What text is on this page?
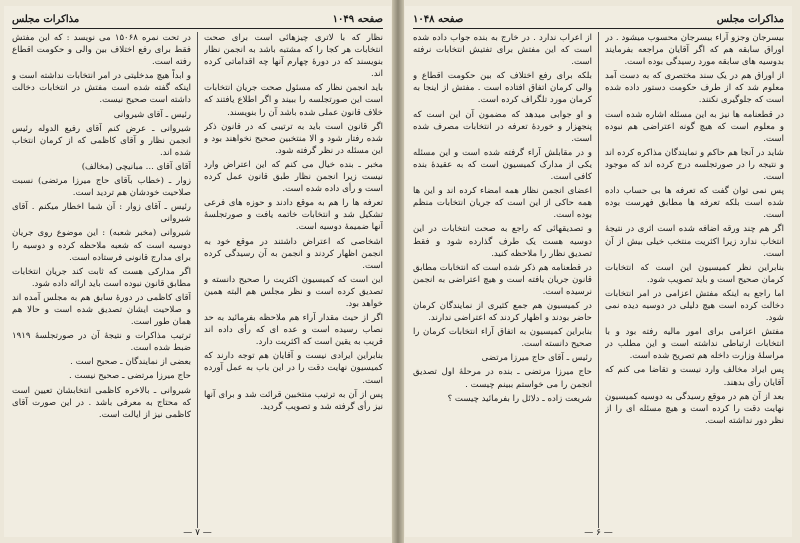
صفحه ۱۰۴۹
مذاکرات مجلس

نظار که با لاتری چیزهائی است برای صحت انتخابات هر کجا را که مشتبه باشد به انجمن نظار بنویسند که در دورهٔ چهارم آنها چه اقداماتی کرده اند.

باید انجمن نظار که مسئول صحت جریان انتخابات است این صورتجلسه را ببیند و اگر اطلاع یافتند که خلاف قانون عملی شده باشد آن را بنویسند.

اگر قانون است باید به ترتیبی که در قانون ذکر شده رفتار شود و الا منتخبین صحیح نخواهند بود و این مسئله در نظر گرفته شود.

مخبر ـ بنده خیال می کنم که این اعتراض وارد نیست زیرا انجمن نظار طبق قانون عمل کرده است و رأی داده شده است.

تعرفه ها را هم به موقع دادند و حوزه های فرعی تشکیل شد و انتخابات خاتمه یافت و صورتجلسهٔ آنها ضمیمهٔ دوسیه است.

اشخاصی که اعتراض داشتند در موقع خود به انجمن اظهار کردند و انجمن به آن رسیدگی کرده است.

این است که کمیسیون اکثریت را صحیح دانسته و تصدیق کرده است و نظر مجلس هم البته همین خواهد بود.

اگر از حیث مقدار آراء هم ملاحظه بفرمائید به حد نصاب رسیده است و عده ای که رأی داده اند قریب به یقین است که اکثریت دارد.

بنابراین ایرادی نیست و آقایان هم توجه دارند که کمیسیون نهایت دقت را در این باب به عمل آورده است.

پس از آن به ترتیب منتخبین قرائت شد و برای آنها نیز رأی گرفته شد و تصویب گردید.

در تحت نمره ۱۵۰۶۸ می نویسد : که این مفتش فقط برای رفع اختلاف بین والی و حکومت اقطاع رفته است.

و ابداً هیچ مدخلیتی در امر انتخابات نداشته است و اینکه گفته شده است مفتش در انتخابات دخالت داشته است صحیح نیست.

رئیس ـ آقای شیروانی

شیروانی ـ عرض کنم آقای رفیع الدوله رئیس انجمن نظار و آقای کاظمی که از کرمان انتخاب شده اند.

آقای آقای ... مبانیچی (مخالف)

زوار ـ (خطاب بآقای حاج میرزا مرتضی) نسبت صلاحیت خودشان هم تردید است.

رئیس ـ آقای زوار : آن شما اخطار میکنم . آقای شیروانی

شیروانی (مخبر شعبه) : این موضوع روی جریان دوسیه است که شعبه ملاحظه کرده و دوسیه را برای مدارج قانونی فرستاده است.

اگر مدارکی هست که ثابت کند جریان انتخابات مطابق قانون نبوده است باید ارائه داده شود.

آقای کاظمی در دورهٔ سابق هم به مجلس آمده اند و صلاحیت ایشان تصدیق شده است و حالا هم همان طور است.

ترتیب مذاکرات و نتیجهٔ آن در صورتجلسهٔ ۱۹۱۹ ضبط شده است.

بعضی از نمایندگان ـ صحیح است .

حاج میرزا مرتضی ـ صحیح نیست .

شیروانی ـ بالاخره کاظمی انتخابشان تعیین است که محتاج به معرفی باشد . در این صورت آقای کاظمی نیز از ایالت است.

— ۷ —
مذاکرات مجلس
صفحه ۱۰۴۸

بیسرجان وجزو آراء بیسرجان محسوب میشود . در اوراق سابقه هم که اگر آقایان مراجعه بفرمایند بدوسیه های سابقه مورد رسیدگی بوده است.

از اوراق هم در یک سند مختصری که به دست آمد معلوم شد که از طرف حکومت دستور داده شده است که جلوگیری نکنند.

در قطعنامه ها نیز به این مسئله اشاره شده است و معلوم است که هیچ گونه اعتراضی هم نبوده است.

شاید در آنجا هم حاکم و نمایندگان مذاکره کرده اند و نتیجه را در صورتجلسه درج کرده اند که موجود است.

پس نمی توان گفت که تعرفه ها بی حساب داده شده است بلکه تعرفه ها مطابق فهرست بوده است.

اگر هم چند ورقه اضافه شده است اثری در نتیجهٔ انتخاب ندارد زیرا اکثریت منتخب خیلی بیش از آن است.

بنابراین نظر کمیسیون این است که انتخابات کرمان صحیح است و باید تصویب شود.

اما راجع به اینکه مفتش اعزامی در امر انتخابات دخالت کرده است هیچ دلیلی در دوسیه دیده نمی شود.

مفتش اعزامی برای امور مالیه رفته بود و با انتخابات ارتباطی نداشته است و این مطلب در مراسلهٔ وزارت داخله هم تصریح شده است.

پس ایراد مخالف وارد نیست و تقاضا می کنم که آقایان رأی بدهند.

بعد از آن هم در موقع رسیدگی به دوسیه کمیسیون نهایت دقت را کرده است و هیچ مسئله ای را از نظر دور نداشته است.

از اعراب ندارد . در خارج به بنده جواب داده شده است که این مفتش برای تفتیش انتخابات نرفته است.

بلکه برای رفع اختلاف که بین حکومت اقطاع و والی کرمان اتفاق افتاده است . مفتش از اینجا به کرمان مورد تلگراف کرده است.

و او جوابی میدهد که مضمون آن این است که پنجهزار و خوردهٔ تعرفه در انتخابات مصرف شده است.

و در مقابلش آراء گرفته شده است و این مسئله یکی از مدارک کمیسیون است که به عقیدهٔ بنده کافی است.

اعضای انجمن نظار همه امضاء کرده اند و این ها همه حاکی از این است که جریان انتخابات منظم بوده است.

و تصدیقهائی که راجع به صحت انتخابات در این دوسیه هست یک طرف گذارده شود و فقط تصدیق نظار را ملاحظه کنید.

در قطعنامه هم ذکر شده است که انتخابات مطابق قانون جریان یافته است و هیچ اعتراضی به انجمن نرسیده است.

در کمیسیون هم جمع کثیری از نمایندگان کرمان حاضر بودند و اظهار کردند که اعتراضی ندارند.

بنابراین کمیسیون به اتفاق آراء انتخابات کرمان را صحیح دانسته است.

رئیس ـ آقای حاج میرزا مرتضی

حاج میرزا مرتضی ـ بنده در مرحلهٔ اول تصدیق انجمن را می خواستم ببینم چیست .

شریعت زاده ـ دلائل را بفرمائید چیست ؟

— ۶ —
